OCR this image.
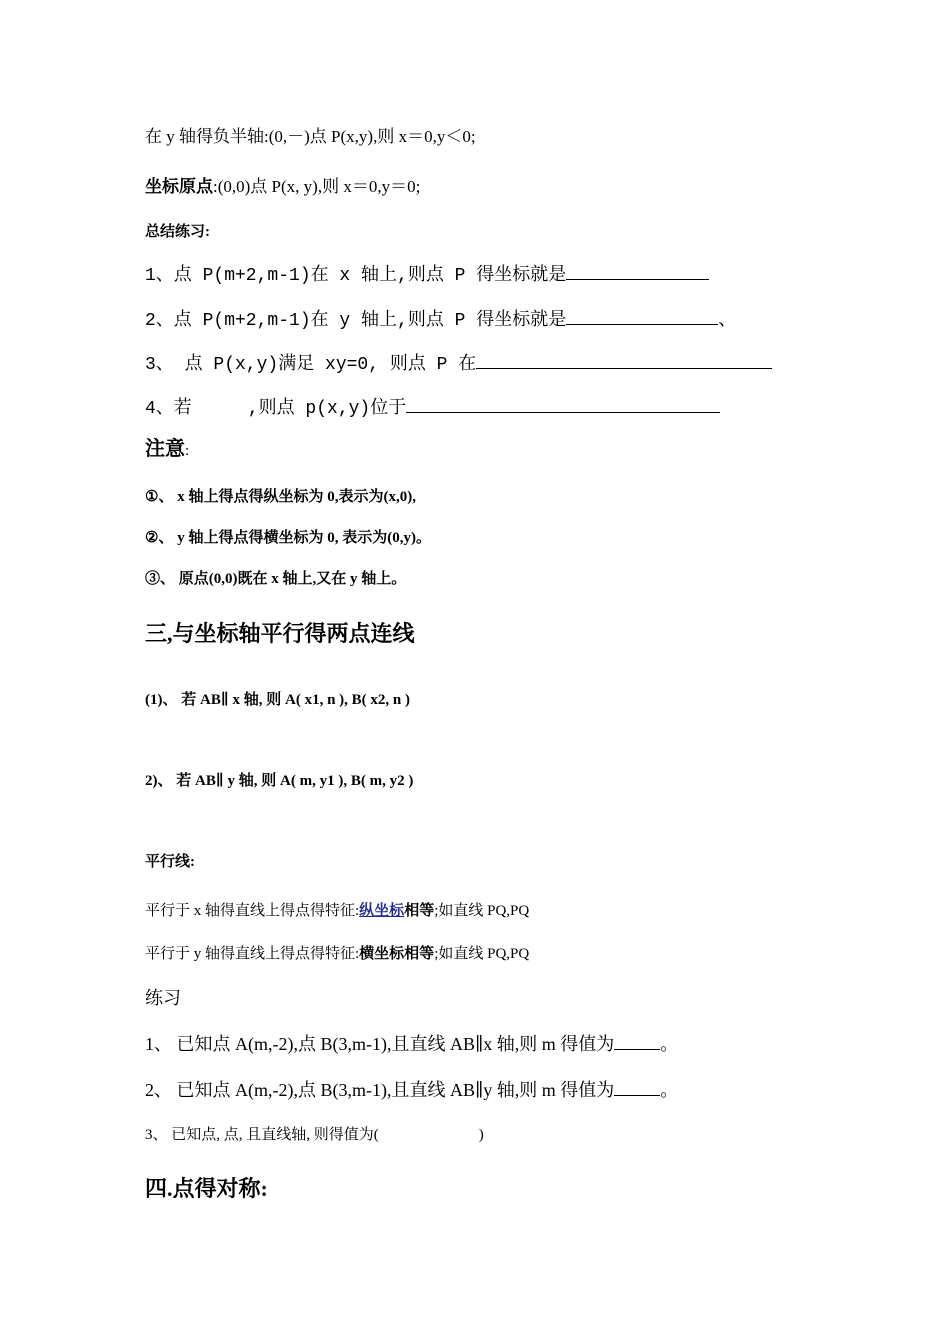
在 y 轴得负半轴:(0,－)点 P(x,y),则 x＝0,y＜0;
坐标原点:(0,0)点 P(x, y),则 x＝0,y＝0;
总结练习:
1、点 P(m+2,m-1)在 x 轴上,则点 P 得坐标就是
2、点 P(m+2,m-1)在 y 轴上,则点 P 得坐标就是	、
3、 点 P(x,y)满足 xy=0, 则点 P 在
4、若	,则点 p(x,y)位于
注意:
①、 x 轴上得点得纵坐标为 0,表示为(x,0),
②、 y 轴上得点得横坐标为 0, 表示为(0,y)。
③、 原点(0,0)既在 x 轴上,又在 y 轴上。
三,与坐标轴平行得两点连线
(1)、 若 AB∥ x 轴, 则 A( x1, n ), B( x2, n )
2)、 若 AB∥ y 轴, 则 A( m, y1 ), B( m, y2 )
平行线:
平行于 x 轴得直线上得点得特征:纵坐标相等;如直线 PQ,PQ
平行于 y 轴得直线上得点得特征:横坐标相等;如直线 PQ,PQ
练习
1、 已知点 A(m,-2),点 B(3,m-1),且直线 AB∥x 轴,则 m 得值为	。
2、 已知点 A(m,-2),点 B(3,m-1),且直线 AB∥y 轴,则 m 得值为	。
3、 已知点, 点, 且直线轴, 则得值为(	)
四.点得对称:
